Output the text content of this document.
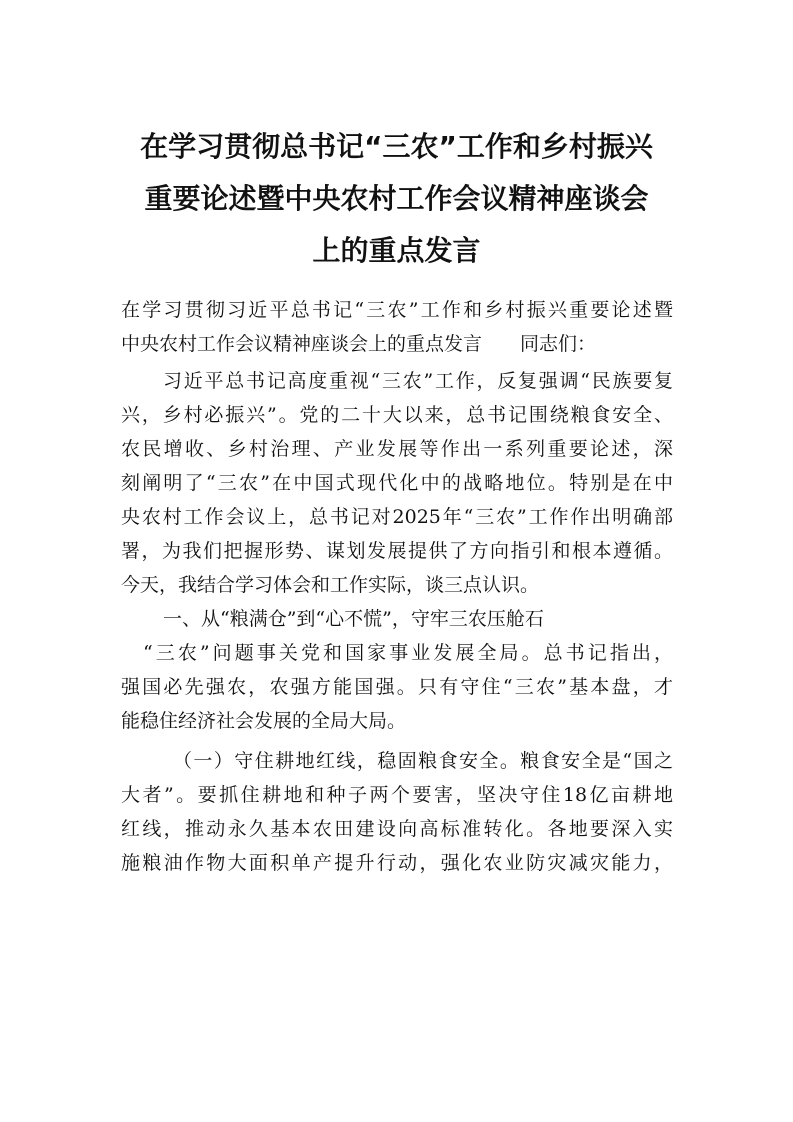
在学习贯彻总书记“三农”工作和乡村振兴
重要论述暨中央农村工作会议精神座谈会
上的重点发言
在学习贯彻习近平总书记“三农”工作和乡村振兴重要论述暨
中央农村工作会议精神座谈会上的重点发言　　同志们：
习近平总书记高度重视“三农”工作，反复强调“民族要复
兴，乡村必振兴”。党的二十大以来，总书记围绕粮食安全、
农民增收、乡村治理、产业发展等作出一系列重要论述，深
刻阐明了“三农”在中国式现代化中的战略地位。特别是在中
央农村工作会议上，总书记对2025年“三农”工作作出明确部
署，为我们把握形势、谋划发展提供了方向指引和根本遵循。
今天，我结合学习体会和工作实际，谈三点认识。
一、从“粮满仓”到“心不慌”，守牢三农压舱石
“三农”问题事关党和国家事业发展全局。总书记指出，
强国必先强农，农强方能国强。只有守住“三农”基本盘，才
能稳住经济社会发展的全局大局。
（一）守住耕地红线，稳固粮食安全。粮食安全是“国之
大者”。要抓住耕地和种子两个要害，坚决守住18亿亩耕地
红线，推动永久基本农田建设向高标准转化。各地要深入实
施粮油作物大面积单产提升行动，强化农业防灾减灾能力，
